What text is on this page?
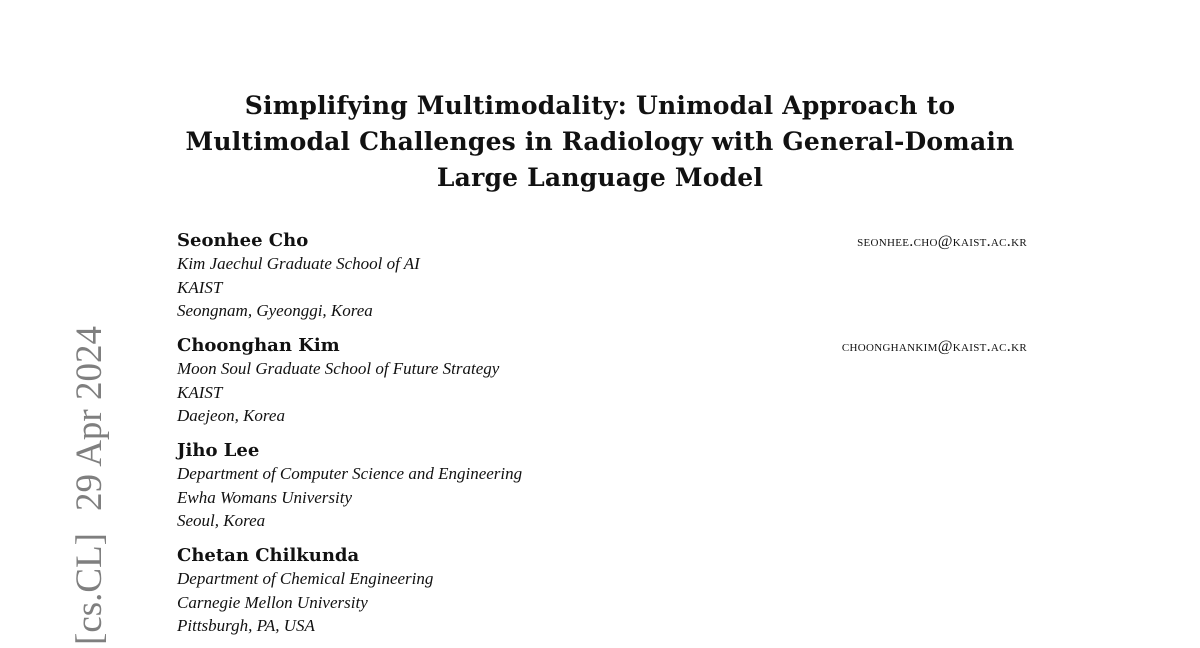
Simplifying Multimodality: Unimodal Approach to
Multimodal Challenges in Radiology with General-Domain
Large Language Model
Seonhee Cho	seonhee.cho@kaist.ac.kr
Kim Jaechul Graduate School of AI
KAIST
Seongnam, Gyeonggi, Korea
Choonghan Kim	choonghankim@kaist.ac.kr
Moon Soul Graduate School of Future Strategy
KAIST
Daejeon, Korea
Jiho Lee
Department of Computer Science and Engineering
Ewha Womans University
Seoul, Korea
Chetan Chilkunda
Department of Chemical Engineering
Carnegie Mellon University
Pittsburgh, PA, USA
[cs.CL]29 Apr 2024
